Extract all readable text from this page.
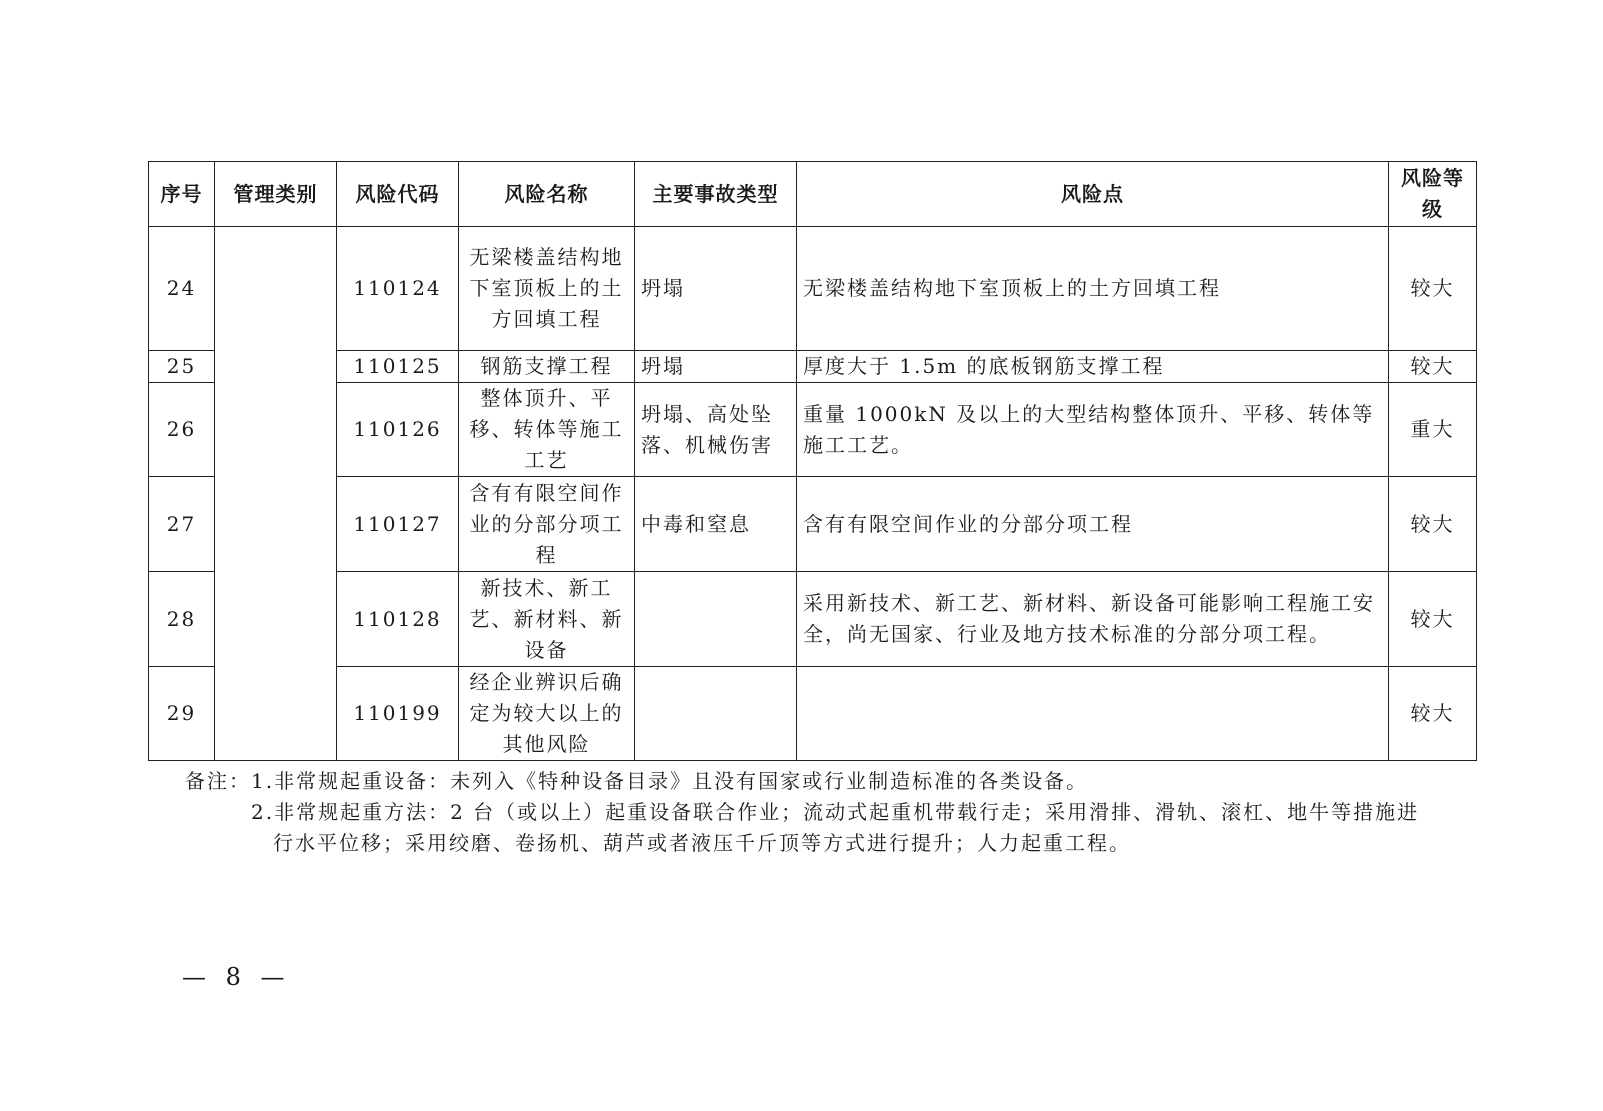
序号	管理类别	风险代码	风险名称	主要事故类型	风险点	风险等级
24		110124	无梁楼盖结构地下室顶板上的土方回填工程	坍塌	无梁楼盖结构地下室顶板上的土方回填工程	较大
25		110125	钢筋支撑工程	坍塌	厚度大于 1.5m 的底板钢筋支撑工程	较大
26		110126	整体顶升、平移、转体等施工工艺	坍塌、高处坠落、机械伤害	重量 1000kN 及以上的大型结构整体顶升、平移、转体等施工工艺。	重大
27		110127	含有有限空间作业的分部分项工程	中毒和窒息	含有有限空间作业的分部分项工程	较大
28		110128	新技术、新工艺、新材料、新设备		采用新技术、新工艺、新材料、新设备可能影响工程施工安全，尚无国家、行业及地方技术标准的分部分项工程。	较大
29		110199	经企业辨识后确定为较大以上的其他风险			较大
备注：1.非常规起重设备：未列入《特种设备目录》且没有国家或行业制造标准的各类设备。
2.非常规起重方法：2 台（或以上）起重设备联合作业；流动式起重机带载行走；采用滑排、滑轨、滚杠、地牛等措施进
行水平位移；采用绞磨、卷扬机、葫芦或者液压千斤顶等方式进行提升；人力起重工程。
— 8 —
